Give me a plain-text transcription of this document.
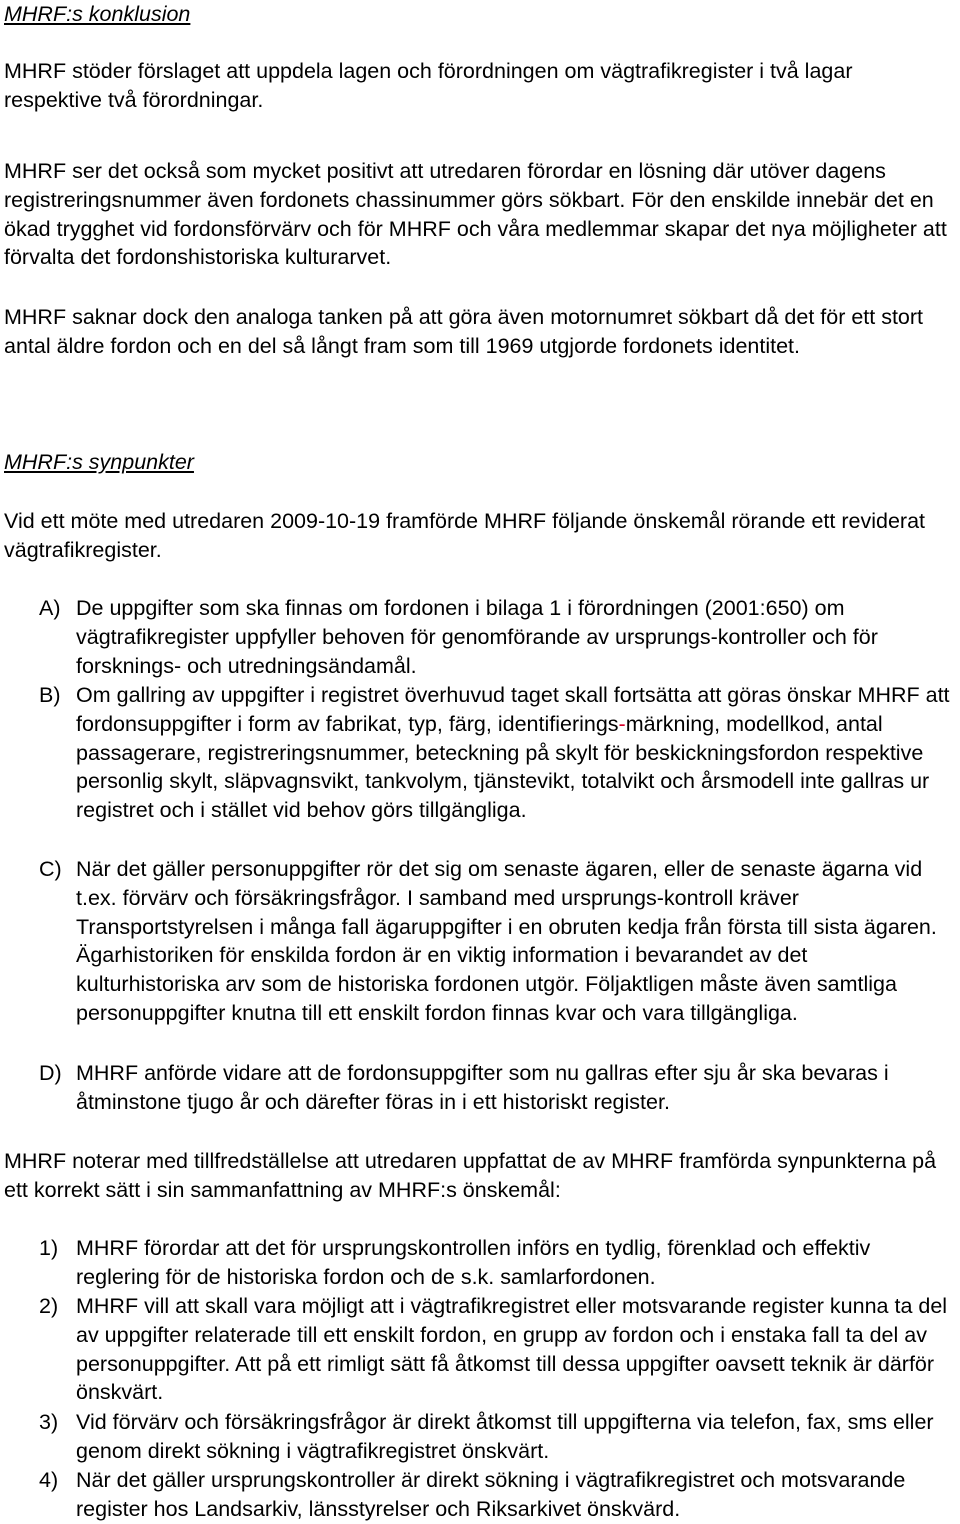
MHRF:s konklusion

MHRF stöder förslaget att uppdela lagen och förordningen om vägtrafikregister i två lagar respektive två förordningar.

MHRF ser det också som mycket positivt att utredaren förordar en lösning där utöver dagens registreringsnummer även fordonets chassinummer görs sökbart. För den enskilde innebär det en ökad trygghet vid fordonsförvärv och för MHRF och våra medlemmar skapar det nya möjligheter att förvalta det fordonshistoriska kulturarvet.

MHRF saknar dock den analoga tanken på att göra även motornumret sökbart då det för ett stort antal äldre fordon och en del så långt fram som till 1969 utgjorde fordonets identitet.

MHRF:s synpunkter

Vid ett möte med utredaren 2009-10-19 framförde MHRF följande önskemål rörande ett reviderat vägtrafikregister.

A) De uppgifter som ska finnas om fordonen i bilaga 1 i förordningen (2001:650) om vägtrafikregister uppfyller behoven för genomförande av ursprungs-kontroller och för forsknings- och utredningsändamål.
B) Om gallring av uppgifter i registret överhuvud taget skall fortsätta att göras önskar MHRF att fordonsuppgifter i form av fabrikat, typ, färg, identifierings-märkning, modellkod, antal passagerare, registreringsnummer, beteckning på skylt för beskickningsfordon respektive personlig skylt, släpvagnsvikt, tankvolym, tjänstevikt, totalvikt och årsmodell inte gallras ur registret och i stället vid behov görs tillgängliga.
C) När det gäller personuppgifter rör det sig om senaste ägaren, eller de senaste ägarna vid t.ex. förvärv och försäkringsfrågor. I samband med ursprungs-kontroll kräver Transportstyrelsen i många fall ägaruppgifter i en obruten kedja från första till sista ägaren. Ägarhistoriken för enskilda fordon är en viktig information i bevarandet av det kulturhistoriska arv som de historiska fordonen utgör. Följaktligen måste även samtliga personuppgifter knutna till ett enskilt fordon finnas kvar och vara tillgängliga.
D) MHRF anförde vidare att de fordonsuppgifter som nu gallras efter sju år ska bevaras i åtminstone tjugo år och därefter föras in i ett historiskt register.

MHRF noterar med tillfredställelse att utredaren uppfattat de av MHRF framförda synpunkterna på ett korrekt sätt i sin sammanfattning av MHRF:s önskemål:

1) MHRF förordar att det för ursprungskontrollen införs en tydlig, förenklad och effektiv reglering för de historiska fordon och de s.k. samlarfordonen.
2) MHRF vill att skall vara möjligt att i vägtrafikregistret eller motsvarande register kunna ta del av uppgifter relaterade till ett enskilt fordon, en grupp av fordon och i enstaka fall ta del av personuppgifter. Att på ett rimligt sätt få åtkomst till dessa uppgifter oavsett teknik är därför önskvärt.
3) Vid förvärv och försäkringsfrågor är direkt åtkomst till uppgifterna via telefon, fax, sms eller genom direkt sökning i vägtrafikregistret önskvärt.
4) När det gäller ursprungskontroller är direkt sökning i vägtrafikregistret och motsvarande register hos Landsarkiv, länsstyrelser och Riksarkivet önskvärd.
